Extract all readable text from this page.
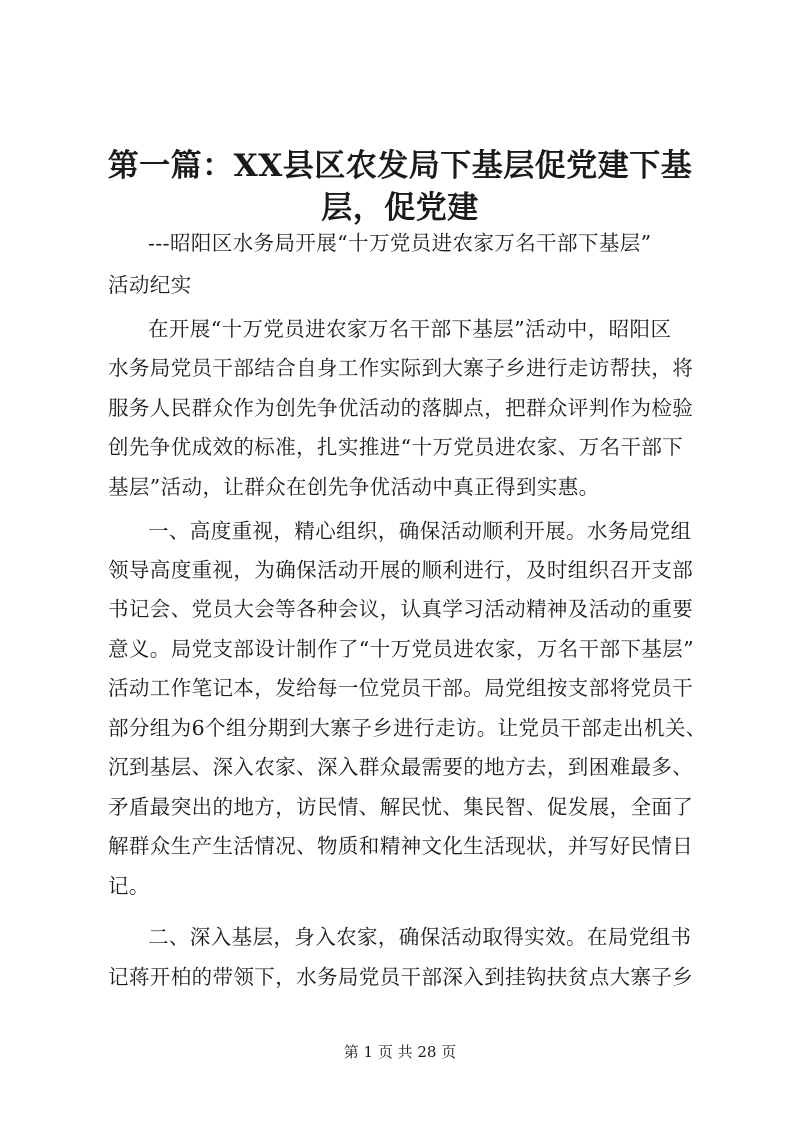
第一篇：XX县区农发局下基层促党建下基
层，促党建
---昭阳区水务局开展“十万党员进农家万名干部下基层”
活动纪实
在开展“十万党员进农家万名干部下基层”活动中，昭阳区
水务局党员干部结合自身工作实际到大寨子乡进行走访帮扶，将
服务人民群众作为创先争优活动的落脚点，把群众评判作为检验
创先争优成效的标准，扎实推进“十万党员进农家、万名干部下
基层”活动，让群众在创先争优活动中真正得到实惠。
一、高度重视，精心组织，确保活动顺利开展。水务局党组
领导高度重视，为确保活动开展的顺利进行，及时组织召开支部
书记会、党员大会等各种会议，认真学习活动精神及活动的重要
意义。局党支部设计制作了“十万党员进农家，万名干部下基层”
活动工作笔记本，发给每一位党员干部。局党组按支部将党员干
部分组为6个组分期到大寨子乡进行走访。让党员干部走出机关、
沉到基层、深入农家、深入群众最需要的地方去，到困难最多、
矛盾最突出的地方，访民情、解民忧、集民智、促发展，全面了
解群众生产生活情况、物质和精神文化生活现状，并写好民情日
记。
二、深入基层，身入农家，确保活动取得实效。在局党组书
记蒋开柏的带领下，水务局党员干部深入到挂钩扶贫点大寨子乡
第 1 页 共 28 页
